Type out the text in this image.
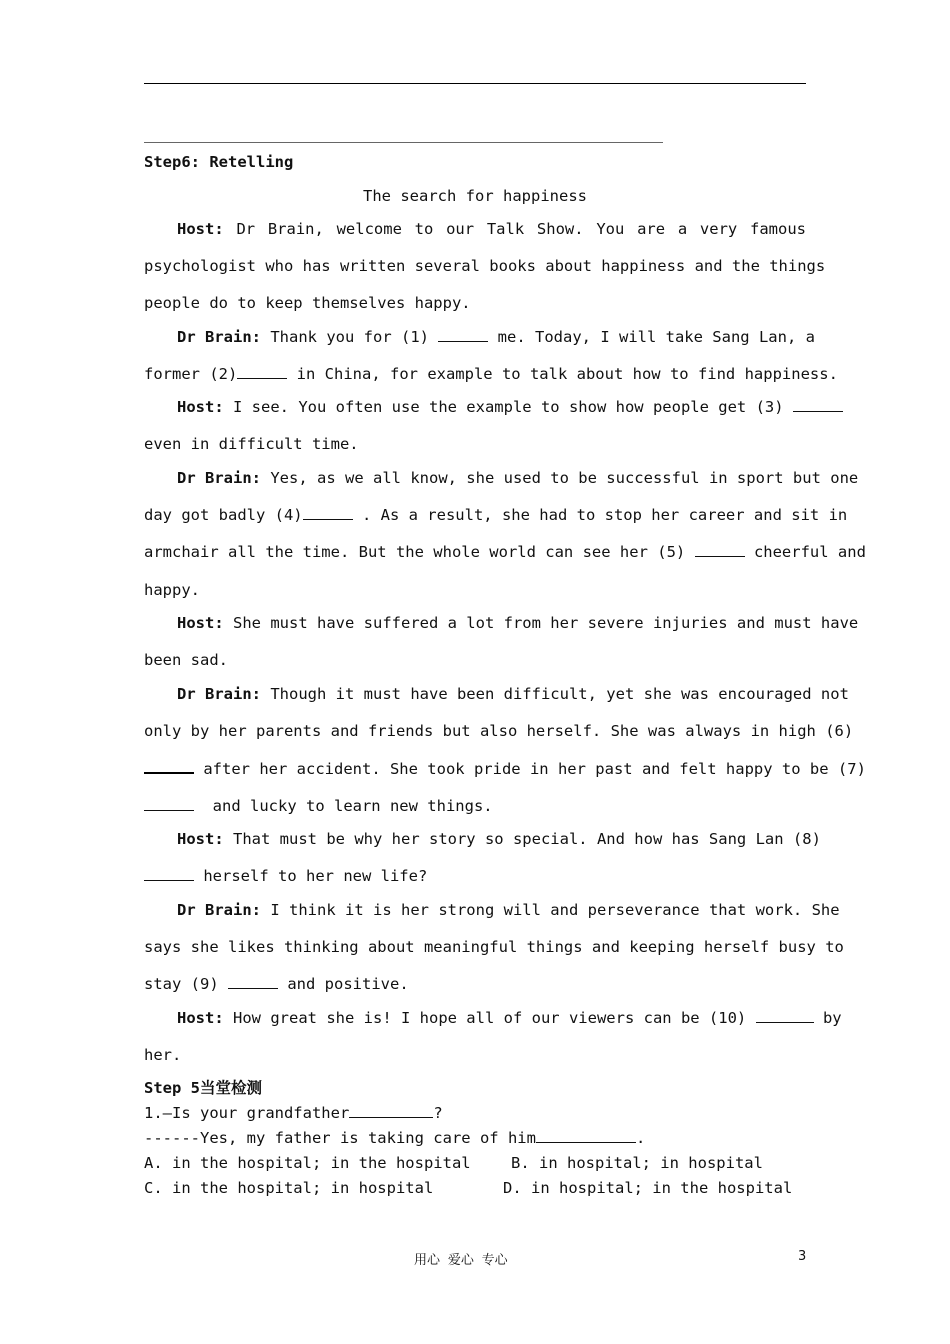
Step6: Retelling
The search for happiness
Host: Dr Brain, welcome to our Talk Show. You are a very famous
psychologist who has written several books about happiness and the things
people do to keep themselves happy.
Dr Brain: Thank you for (1)	me. Today, I will take Sang Lan, a
former (2)	in China, for example to talk about how to find happiness.
Host: I see. You often use the example to show how people get (3)
even in difficult time.
Dr Brain: Yes, as we all know, she used to be successful in sport but one
day got badly (4)	. As a result, she had to stop her career and sit in
armchair all the time. But the whole world can see her (5)	cheerful and
happy.
Host: She must have suffered a lot from her severe injuries and must have
been sad.
Dr Brain: Though it must have been difficult, yet she was encouraged not
only by her parents and friends but also herself. She was always in high (6)
after her accident. She took pride in her past and felt happy to be (7)
and lucky to learn new things.
Host: That must be why her story so special. And how has Sang Lan (8)
herself to her new life?
Dr Brain: I think it is her strong will and perseverance that work. She
says she likes thinking about meaningful things and keeping herself busy to
stay (9)	and positive.
Host: How great she is! I hope all of our viewers can be (10)	by
her.
Step 5当堂检测
1.—Is your grandfather	?
------Yes, my father is taking care of him	.
A. in the hospital; in the hospital	B. in hospital; in hospital
C. in the hospital; in hospital	D. in hospital; in the hospital
用心 爱心 专心	3
